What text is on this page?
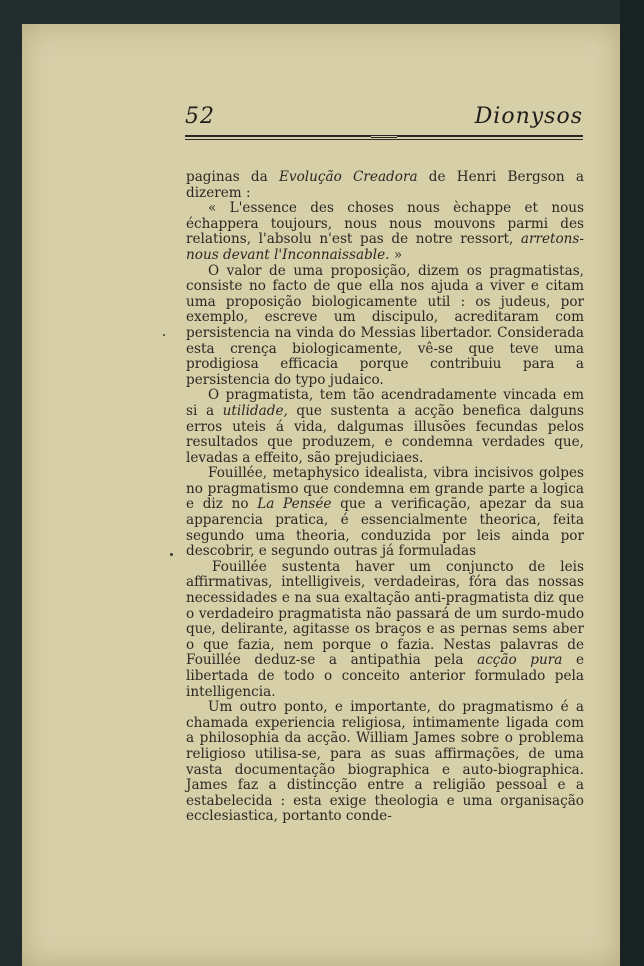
52	Dionysos

paginas da Evolução Creadora de Henri Bergson a dizerem :

« L'essence des choses nous èchappe et nous échappera toujours, nous nous mouvons parmi des relations, l'absolu n'est pas de notre ressort, arretons-nous devant l'Inconnaissable. »

O valor de uma proposição, dizem os pragmatistas, consiste no facto de que ella nos ajuda a viver e citam uma proposição biologicamente util : os judeus, por exemplo, escreve um discipulo, acreditaram com persistencia na vinda do Messias libertador. Considerada esta crença biologicamente, vê-se que teve uma prodigiosa efficacia porque contribuiu para a persistencia do typo judaico.

O pragmatista, tem tão acendradamente vincada em si a utilidade, que sustenta a acção benefica dalguns erros uteis á vida, dalgumas illusões fecundas pelos resultados que produzem, e condemna verdades que, levadas a effeito, são prejudiciaes.

Fouillée, metaphysico idealista, vibra incisivos golpes no pragmatismo que condemna em grande parte a logica e diz no La Pensée que a verificação, apezar da sua apparencia pratica, é essencialmente theorica, feita segundo uma theoria, conduzida por leis ainda por descobrir, e segundo outras já formuladas

Fouillée sustenta haver um conjuncto de leis affirmativas, intelligiveis, verdadeiras, fóra das nossas necessidades e na sua exaltação anti-pragmatista diz que o verdadeiro pragmatista não passará de um surdo-mudo que, delirante, agitasse os braços e as pernas sems aber o que fazia, nem porque o fazia. Nestas palavras de Fouillée deduz-se a antipathia pela acção pura e libertada de todo o conceito anterior formulado pela intelligencia.

Um outro ponto, e importante, do pragmatismo é a chamada experiencia religiosa, intimamente ligada com a philosophia da acção. William James sobre o problema religioso utilisa-se, para as suas affirmações, de uma vasta documentação biographica e auto-biographica. James faz a distincção entre a religião pessoal e a estabelecida : esta exige theologia e uma organisação ecclesiastica, portanto conde-
